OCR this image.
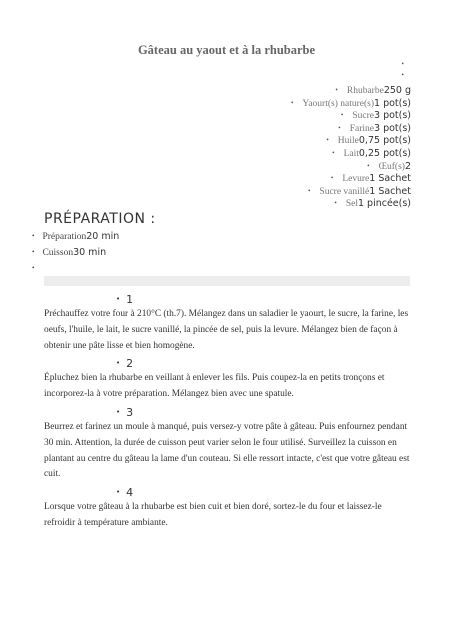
Gâteau au yaout et à la rhubarbe
•
•
• Rhubarbe250 g
• Yaourt(s) nature(s)1 pot(s)
• Sucre3 pot(s)
• Farine3 pot(s)
• Huile0,75 pot(s)
• Lait0,25 pot(s)
• Œuf(s)2
• Levure1 Sachet
• Sucre vanillé1 Sachet
• Sel1 pincée(s)
PRÉPARATION :
• Préparation20 min
• Cuisson30 min
•
• 1

Préchauffez votre four à 210°C (th.7). Mélangez dans un saladier le yaourt, le sucre, la farine, les oeufs, l'huile, le lait, le sucre vanillé, la pincée de sel, puis la levure. Mélangez bien de façon à obtenir une pâte lisse et bien homogène.

• 2

Épluchez bien la rhubarbe en veillant à enlever les fils. Puis coupez-la en petits tronçons et incorporez-la à votre préparation. Mélangez bien avec une spatule.

• 3

Beurrez et farinez un moule à manqué, puis versez-y votre pâte à gâteau. Puis enfournez pendant 30 min. Attention, la durée de cuisson peut varier selon le four utilisé. Surveillez la cuisson en plantant au centre du gâteau la lame d'un couteau. Si elle ressort intacte, c'est que votre gâteau est cuit.

• 4

Lorsque votre gâteau à la rhubarbe est bien cuit et bien doré, sortez-le du four et laissez-le refroidir à température ambiante.
